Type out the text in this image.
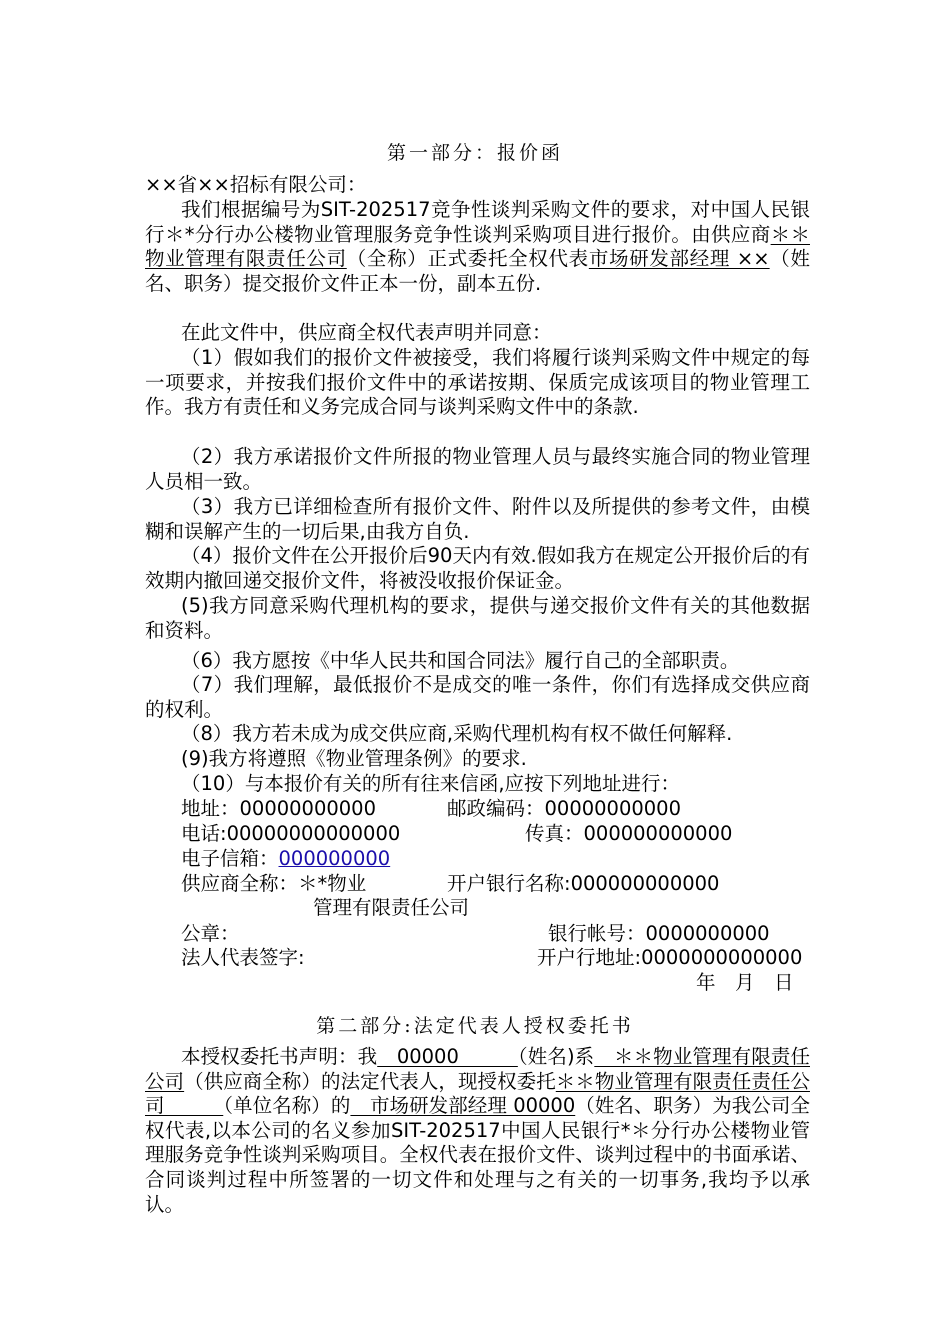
第一部分：报价函
××省××招标有限公司：
我们根据编号为SIT-202517竞争性谈判采购文件的要求，对中国人民银行＊*分行办公楼物业管理服务竞争性谈判采购项目进行报价。由供应商＊＊物业管理有限责任公司（全称）正式委托全权代表市场研发部经理 ××（姓名、职务）提交报价文件正本一份，副本五份.
在此文件中，供应商全权代表声明并同意：
（1）假如我们的报价文件被接受，我们将履行谈判采购文件中规定的每一项要求，并按我们报价文件中的承诺按期、保质完成该项目的物业管理工作。我方有责任和义务完成合同与谈判采购文件中的条款.
（2）我方承诺报价文件所报的物业管理人员与最终实施合同的物业管理人员相一致。
（3）我方已详细检查所有报价文件、附件以及所提供的参考文件，由模糊和误解产生的一切后果,由我方自负.
（4）报价文件在公开报价后90天内有效.假如我方在规定公开报价后的有效期内撤回递交报价文件，将被没收报价保证金。
(5)我方同意采购代理机构的要求，提供与递交报价文件有关的其他数据和资料。
（6）我方愿按《中华人民共和国合同法》履行自己的全部职责。
（7）我们理解，最低报价不是成交的唯一条件，你们有选择成交供应商的权利。
（8）我方若未成为成交供应商,采购代理机构有权不做任何解释.
(9)我方将遵照《物业管理条例》的要求.
（10）与本报价有关的所有往来信函,应按下列地址进行：
地址：00000000000	邮政编码：00000000000
电话:00000000000000	传真：000000000000
电子信箱：000000000
供应商全称：＊*物业	开户银行名称:000000000000
管理有限责任公司
公章：	银行帐号：0000000000
法人代表签字:	开户行地址:0000000000000
年　月　日
第二部分:法定代表人授权委托书
本授权委托书声明：我　00000　　　（姓名)系　＊＊物业管理有限责任公司（供应商全称）的法定代表人，现授权委托＊＊物业管理有限责任责任公司　　　（单位名称）的　市场研发部经理 00000（姓名、职务）为我公司全权代表,以本公司的名义参加SIT-202517中国人民银行*＊分行办公楼物业管理服务竞争性谈判采购项目。全权代表在报价文件、谈判过程中的书面承诺、合同谈判过程中所签署的一切文件和处理与之有关的一切事务,我均予以承认。
